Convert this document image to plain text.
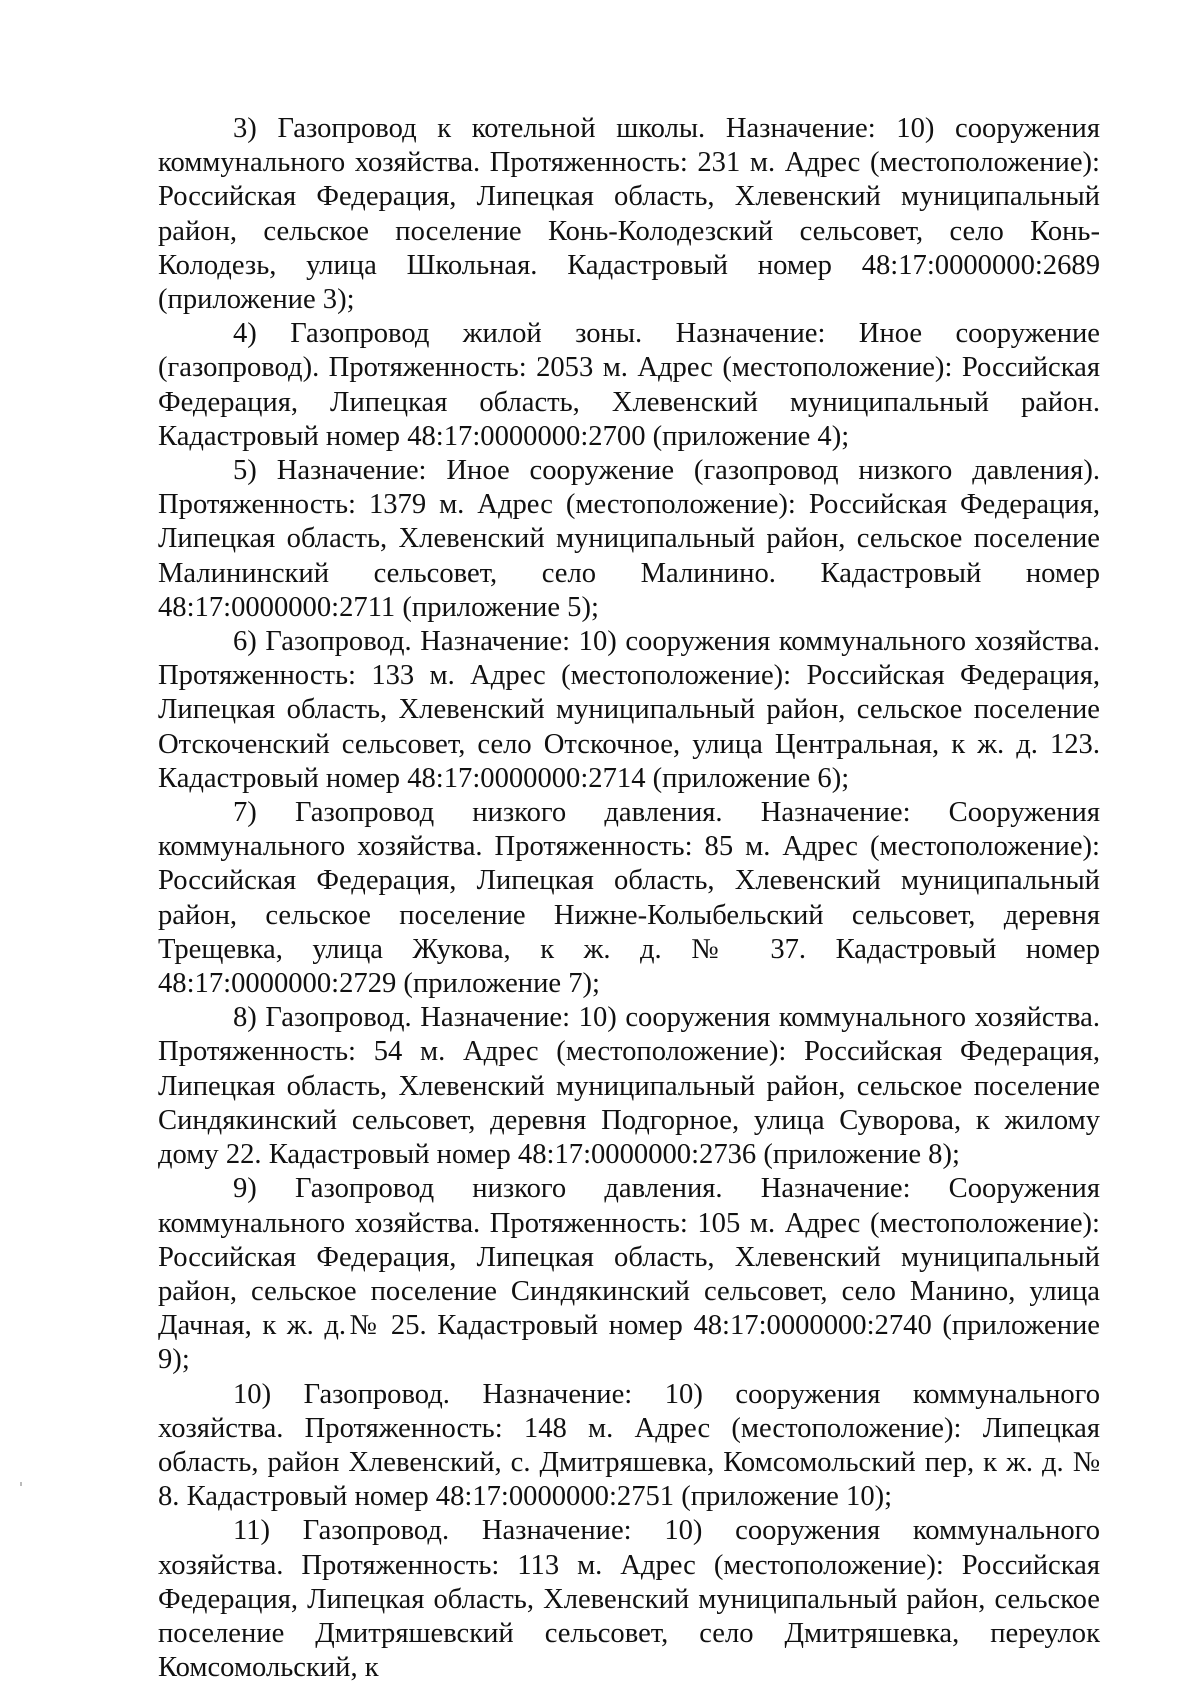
3) Газопровод к котельной школы. Назначение: 10) сооружения коммунального хозяйства. Протяженность: 231 м. Адрес (местоположение): Российская Федерация, Липецкая область, Хлевенский муниципальный район, сельское поселение Конь-Колодезский сельсовет, село Конь-Колодезь, улица Школьная. Кадастровый номер 48:17:0000000:2689 (приложение 3);

4) Газопровод жилой зоны. Назначение: Иное сооружение (газопровод). Протяженность: 2053 м. Адрес (местоположение): Российская Федерация, Липецкая область, Хлевенский муниципальный район. Кадастровый номер 48:17:0000000:2700 (приложение 4);

5) Назначение: Иное сооружение (газопровод низкого давления). Протяженность: 1379 м. Адрес (местоположение): Российская Федерация, Липецкая область, Хлевенский муниципальный район, сельское поселение Малининский сельсовет, село Малинино. Кадастровый номер 48:17:0000000:2711 (приложение 5);

6) Газопровод. Назначение: 10) сооружения коммунального хозяйства. Протяженность: 133 м. Адрес (местоположение): Российская Федерация, Липецкая область, Хлевенский муниципальный район, сельское поселение Отскоченский сельсовет, село Отскочное, улица Центральная, к ж. д. 123. Кадастровый номер 48:17:0000000:2714 (приложение 6);

7) Газопровод низкого давления. Назначение: Сооружения коммунального хозяйства. Протяженность: 85 м. Адрес (местоположение): Российская Федерация, Липецкая область, Хлевенский муниципальный район, сельское поселение Нижне-Колыбельский сельсовет, деревня Трещевка, улица Жукова, к ж. д. № 37. Кадастровый номер 48:17:0000000:2729 (приложение 7);

8) Газопровод. Назначение: 10) сооружения коммунального хозяйства. Протяженность: 54 м. Адрес (местоположение): Российская Федерация, Липецкая область, Хлевенский муниципальный район, сельское поселение Синдякинский сельсовет, деревня Подгорное, улица Суворова, к жилому дому 22. Кадастровый номер 48:17:0000000:2736 (приложение 8);

9) Газопровод низкого давления. Назначение: Сооружения коммунального хозяйства. Протяженность: 105 м. Адрес (местоположение): Российская Федерация, Липецкая область, Хлевенский муниципальный район, сельское поселение Синдякинский сельсовет, село Манино, улица Дачная, к ж. д.№ 25. Кадастровый номер 48:17:0000000:2740 (приложение 9);

10) Газопровод. Назначение: 10) сооружения коммунального хозяйства. Протяженность: 148 м. Адрес (местоположение): Липецкая область, район Хлевенский, с. Дмитряшевка, Комсомольский пер, к ж. д. № 8. Кадастровый номер 48:17:0000000:2751 (приложение 10);

11) Газопровод. Назначение: 10) сооружения коммунального хозяйства. Протяженность: 113 м. Адрес (местоположение): Российская Федерация, Липецкая область, Хлевенский муниципальный район, сельское поселение Дмитряшевский сельсовет, село Дмитряшевка, переулок Комсомольский, к
